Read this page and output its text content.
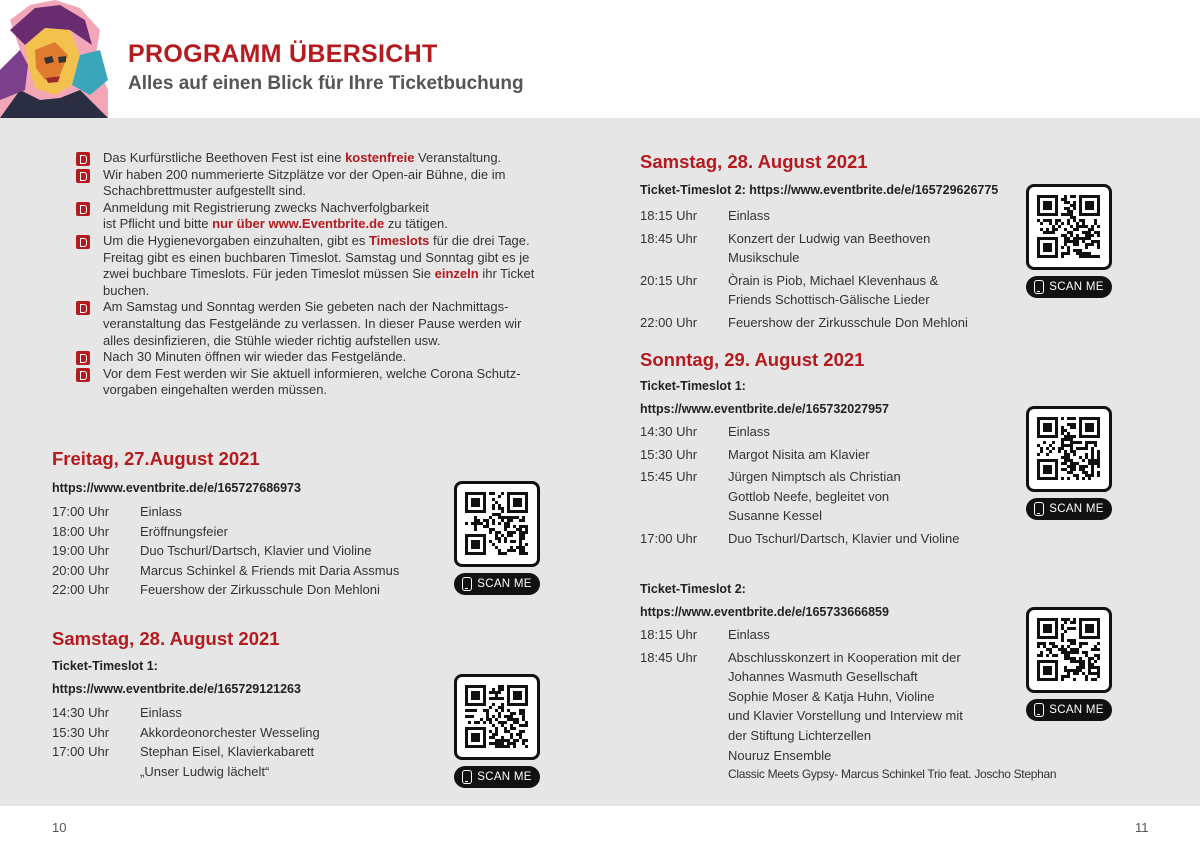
PROGRAMM ÜBERSICHT
Alles auf einen Blick für Ihre Ticketbuchung
Das Kurfürstliche Beethoven Fest ist eine kostenfreie Veranstaltung.
Wir haben 200 nummerierte Sitzplätze vor der Open-air Bühne, die im
Schachbrettmuster aufgestellt sind.
Anmeldung mit Registrierung zwecks Nachverfolgbarkeit
ist Pflicht und bitte nur über www.Eventbrite.de zu tätigen.
Um die Hygienevorgaben einzuhalten, gibt es Timeslots für die drei Tage.
Freitag gibt es einen buchbaren Timeslot. Samstag und Sonntag gibt es je
zwei buchbare Timeslots. Für jeden Timeslot müssen Sie einzeln ihr Ticket
buchen.
Am Samstag und Sonntag werden Sie gebeten nach der Nachmittags-
veranstaltung das Festgelände zu verlassen. In dieser Pause werden wir
alles desinfizieren, die Stühle wieder richtig aufstellen usw.
Nach 30 Minuten öffnen wir wieder das Festgelände.
Vor dem Fest werden wir Sie aktuell informieren, welche Corona Schutz-
vorgaben eingehalten werden müssen.
Freitag, 27.August 2021
https://www.eventbrite.de/e/165727686973
17:00 Uhr	Einlass
18:00 Uhr	Eröffnungsfeier
19:00 Uhr	Duo Tschurl/Dartsch, Klavier und Violine
20:00 Uhr	Marcus Schinkel & Friends mit Daria Assmus
22:00 Uhr	Feuershow der Zirkusschule Don Mehloni	SCAN ME
Samstag, 28. August 2021
Ticket-Timeslot 1:
https://www.eventbrite.de/e/165729121263
14:30 Uhr	Einlass
15:30 Uhr	Akkordeonorchester Wesseling
17:00 Uhr	Stephan Eisel, Klavierkabarett
„Unser Ludwig lächelt“	SCAN ME
Samstag, 28. August 2021
Ticket-Timeslot 2: https://www.eventbrite.de/e/165729626775
18:15 Uhr	Einlass
18:45 Uhr	Konzert der Ludwig van Beethoven
Musikschule
20:15 Uhr	Òrain is Piob, Michael Klevenhaus &
Friends Schottisch-Gälische Lieder
22:00 Uhr	Feuershow der Zirkusschule Don Mehloni
SCAN ME
Sonntag, 29. August 2021
Ticket-Timeslot 1:
https://www.eventbrite.de/e/165732027957
14:30 Uhr	Einlass
15:30 Uhr	Margot Nisita am Klavier
15:45 Uhr	Jürgen Nimptsch als Christian
Gottlob Neefe, begleitet von
Susanne Kessel
17:00 Uhr	Duo Tschurl/Dartsch, Klavier und Violine
SCAN ME
Ticket-Timeslot 2:
https://www.eventbrite.de/e/165733666859
18:15 Uhr	Einlass
18:45 Uhr	Abschlusskonzert in Kooperation mit der
Johannes Wasmuth Gesellschaft
Sophie Moser & Katja Huhn, Violine
und Klavier Vorstellung und Interview mit
der Stiftung Lichterzellen
Nouruz Ensemble
Classic Meets Gypsy- Marcus Schinkel Trio feat. Joscho Stephan
SCAN ME
10	11
